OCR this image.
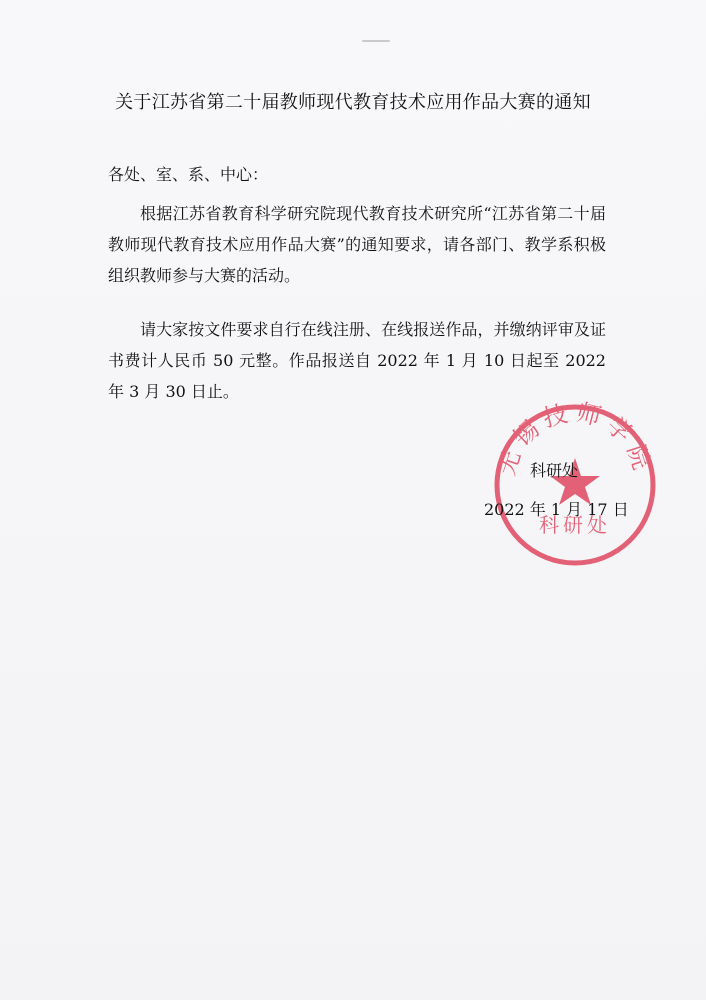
关于江苏省第二十届教师现代教育技术应用作品大赛的通知
各处、室、系、中心：
根据江苏省教育科学研究院现代教育技术研究所“江苏省第二十届教师现代教育技术应用作品大赛”的通知要求，请各部门、教学系积极组织教师参与大赛的活动。
请大家按文件要求自行在线注册、在线报送作品，并缴纳评审及证书费计人民币 50 元整。作品报送自 2022 年 1 月 10 日起至 2022 年 3 月 30 日止。
无锡技师学院
科研处
科研处
2022 年 1 月 17 日
